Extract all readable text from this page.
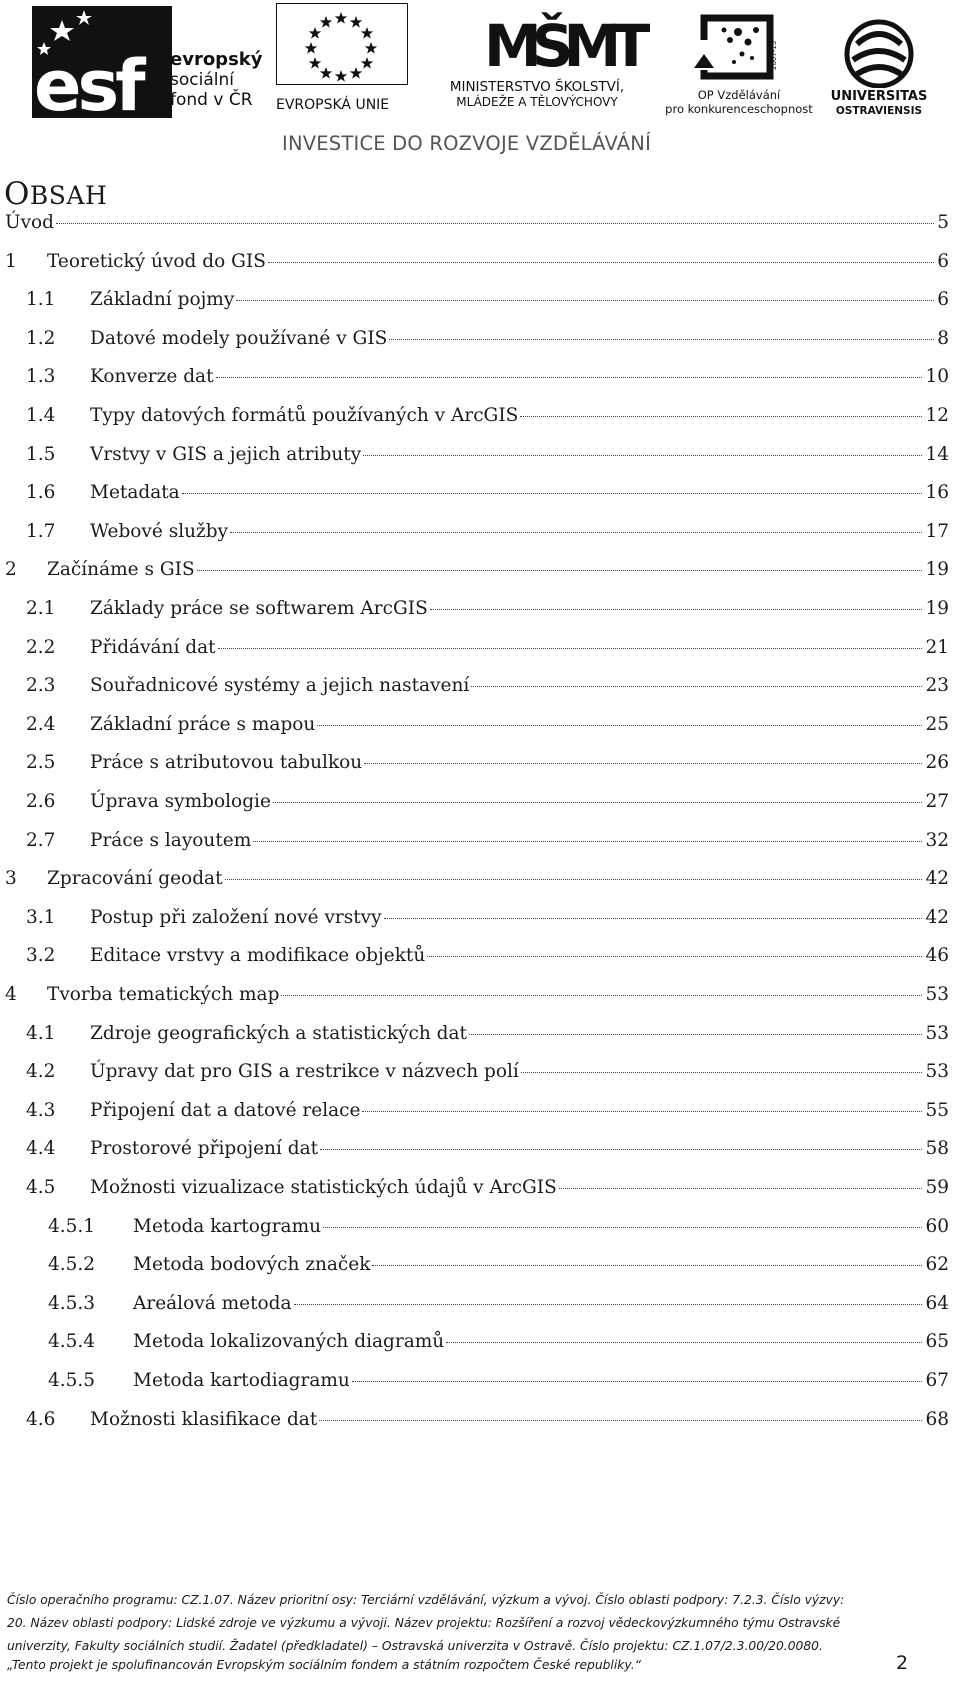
esf	evropský
sociální
fond v ČR	EVROPSKÁ UNIE
MŠMT
MINISTERSTVO ŠKOLSTVÍ,
MLÁDEŽE A TĚLOVÝCHOVY
2007-13
OP Vzdělávání
pro konkurenceschopnost
UNIVERSITAS
OSTRAVIENSIS
INVESTICE DO ROZVOJE VZDĚLÁVÁNÍ
OBSAH
Úvod	5
1	Teoretický úvod do GIS	6
1.1	Základní pojmy	6
1.2	Datové modely používané v GIS	8
1.3	Konverze dat	10
1.4	Typy datových formátů používaných v ArcGIS	12
1.5	Vrstvy v GIS a jejich atributy	14
1.6	Metadata	16
1.7	Webové služby	17
2	Začínáme s GIS	19
2.1	Základy práce se softwarem ArcGIS	19
2.2	Přidávání dat	21
2.3	Souřadnicové systémy a jejich nastavení	23
2.4	Základní práce s mapou	25
2.5	Práce s atributovou tabulkou	26
2.6	Úprava symbologie	27
2.7	Práce s layoutem	32
3	Zpracování geodat	42
3.1	Postup při založení nové vrstvy	42
3.2	Editace vrstvy a modifikace objektů	46
4	Tvorba tematických map	53
4.1	Zdroje geografických a statistických dat	53
4.2	Úpravy dat pro GIS a restrikce v názvech polí	53
4.3	Připojení dat a datové relace	55
4.4	Prostorové připojení dat	58
4.5	Možnosti vizualizace statistických údajů v ArcGIS	59
4.5.1	Metoda kartogramu	60
4.5.2	Metoda bodových značek	62
4.5.3	Areálová metoda	64
4.5.4	Metoda lokalizovaných diagramů	65
4.5.5	Metoda kartodiagramu	67
4.6	Možnosti klasifikace dat	68

Číslo operačního programu: CZ.1.07. Název prioritní osy: Terciární vzdělávání, výzkum a vývoj. Číslo oblasti podpory: 7.2.3. Číslo výzvy:

20. Název oblasti podpory: Lidské zdroje ve výzkumu a vývoji. Název projektu: Rozšíření a rozvoj vědeckovýzkumného týmu Ostravské

univerzity, Fakulty sociálních studií. Žadatel (předkladatel) – Ostravská univerzita v Ostravě. Číslo projektu: CZ.1.07/2.3.00/20.0080.

„Tento projekt je spolufinancován Evropským sociálním fondem a státním rozpočtem České republiky.“	2
